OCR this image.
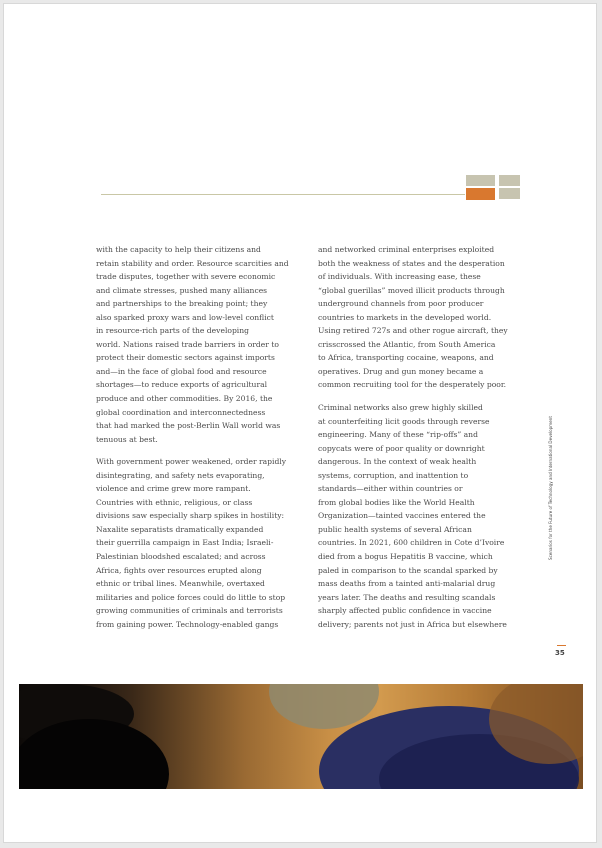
with the capacity to help their citizens and
retain stability and order. Resource scarcities and
trade disputes, together with severe economic
and climate stresses, pushed many alliances
and partnerships to the breaking point; they
also sparked proxy wars and low-level conflict
in resource-rich parts of the developing
world. Nations raised trade barriers in order to
protect their domestic sectors against imports
and—in the face of global food and resource
shortages—to reduce exports of agricultural
produce and other commodities. By 2016, the
global coordination and interconnectedness
that had marked the post-Berlin Wall world was
tenuous at best.

With government power weakened, order rapidly
disintegrating, and safety nets evaporating,
violence and crime grew more rampant.
Countries with ethnic, religious, or class
divisions saw especially sharp spikes in hostility:
Naxalite separatists dramatically expanded
their guerrilla campaign in East India; Israeli-
Palestinian bloodshed escalated; and across
Africa, fights over resources erupted along
ethnic or tribal lines. Meanwhile, overtaxed
militaries and police forces could do little to stop
growing communities of criminals and terrorists
from gaining power. Technology-enabled gangs

and networked criminal enterprises exploited
both the weakness of states and the desperation
of individuals. With increasing ease, these
“global guerillas” moved illicit products through
underground channels from poor producer
countries to markets in the developed world.
Using retired 727s and other rogue aircraft, they
crisscrossed the Atlantic, from South America
to Africa, transporting cocaine, weapons, and
operatives. Drug and gun money became a
common recruiting tool for the desperately poor.

Criminal networks also grew highly skilled
at counterfeiting licit goods through reverse
engineering. Many of these “rip-offs” and
copycats were of poor quality or downright
dangerous. In the context of weak health
systems, corruption, and inattention to
standards—either within countries or
from global bodies like the World Health
Organization—tainted vaccines entered the
public health systems of several African
countries. In 2021, 600 children in Cote d’Ivoire
died from a bogus Hepatitis B vaccine, which
paled in comparison to the scandal sparked by
mass deaths from a tainted anti-malarial drug
years later. The deaths and resulting scandals
sharply affected public confidence in vaccine
delivery; parents not just in Africa but elsewhere

Scenarios for the Future of Technology and International Development
35
